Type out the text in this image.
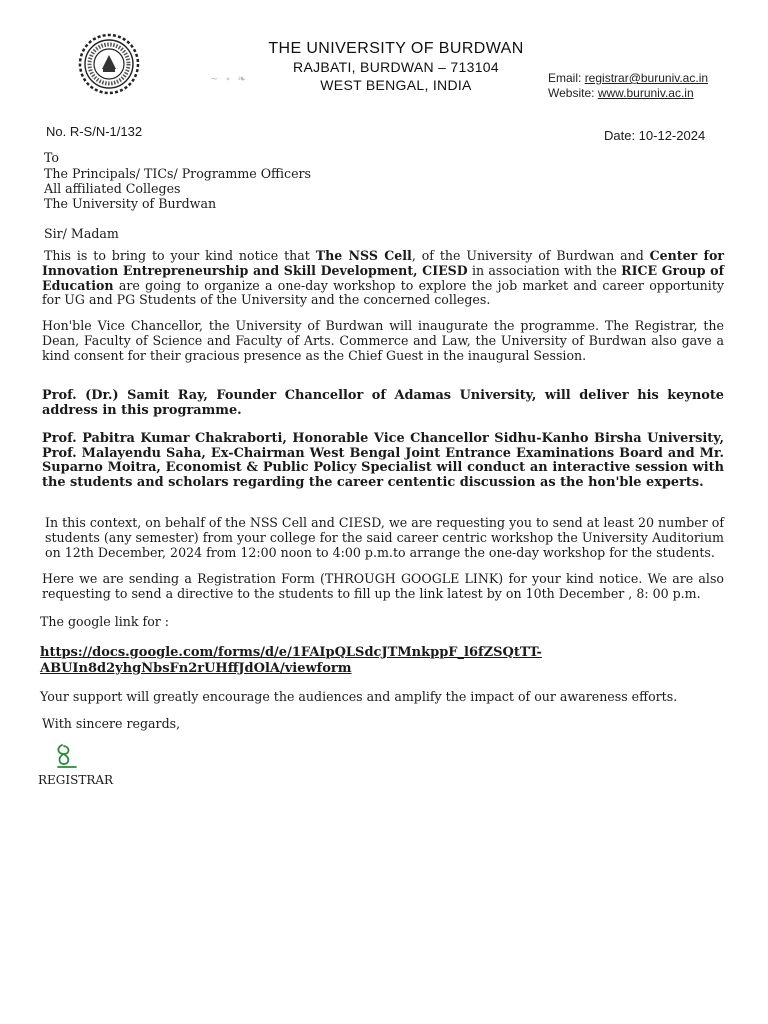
THE UNIVERSITY OF BURDWAN
RAJBATI, BURDWAN – 713104
WEST BENGAL, INDIA
~ ∘ ❧	Email: registrar@buruniv.ac.in
Website: www.buruniv.ac.in
No. R-S/N-1/132	Date: 10-12-2024
To
The Principals/ TICs/ Programme Officers
All affiliated Colleges
The University of Burdwan
Sir/ Madam
This is to bring to your kind notice that The NSS Cell, of the University of Burdwan and Center for Innovation Entrepreneurship and Skill Development, CIESD in association with the RICE Group of Education are going to organize a one-day workshop to explore the job market and career opportunity for UG and PG Students of the University and the concerned colleges.
Hon'ble Vice Chancellor, the University of Burdwan will inaugurate the programme. The Registrar, the Dean, Faculty of Science and Faculty of Arts. Commerce and Law, the University of Burdwan also gave a kind consent for their gracious presence as the Chief Guest in the inaugural Session.
Prof. (Dr.) Samit Ray, Founder Chancellor of Adamas University, will deliver his keynote address in this programme.
Prof. Pabitra Kumar Chakraborti, Honorable Vice Chancellor Sidhu-Kanho Birsha University, Prof. Malayendu Saha, Ex-Chairman West Bengal Joint Entrance Examinations Board and Mr. Suparno Moitra, Economist & Public Policy Specialist will conduct an interactive session with the students and scholars regarding the career cententic discussion as the hon'ble experts.
In this context, on behalf of the NSS Cell and CIESD, we are requesting you to send at least 20 number of students (any semester) from your college for the said career centric workshop the University Auditorium on 12th December, 2024 from 12:00 noon to 4:00 p.m.to arrange the one-day workshop for the students.
Here we are sending a Registration Form (THROUGH GOOGLE LINK) for your kind notice. We are also requesting to send a directive to the students to fill up the link latest by on 10th December , 8: 00 p.m.
The google link for :
https://docs.google.com/forms/d/e/1FAIpQLSdcJTMnkppF_l6fZSQtTT-ABUIn8d2yhgNbsFn2rUHffJdOlA/viewform
Your support will greatly encourage the audiences and amplify the impact of our awareness efforts.
With sincere regards,
REGISTRAR
